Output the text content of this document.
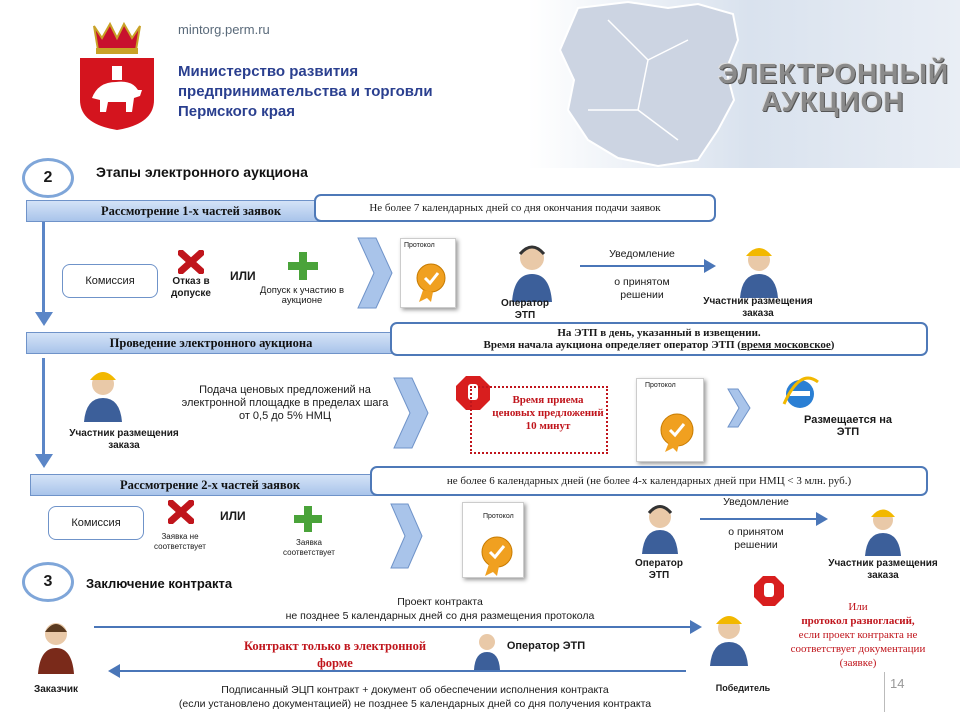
mintorg.perm.ru
Министерство развития предпринимательства и торговли Пермского края
ЭЛЕКТРОННЫЙ
АУКЦИОН
2	Этапы электронного аукциона
Рассмотрение 1-х частей заявок	Не более 7 календарных дней со дня окончания подачи заявок
Комиссия	Отказ в допуске
ИЛИ
Допуск к участию в аукционе
Протокол
Оператор ЭТП
Уведомление
о принятом решении
Участник размещения заказа
Проведение электронного аукциона
На ЭТП в день, указанный в извещении.
Время начала аукциона определяет оператор ЭТП (время московское)
Участник размещения заказа
Подача ценовых предложений на электронной площадке в пределах шага от 0,5 до 5% НМЦ
Время приема ценовых предложений 10 минут
Протокол
Размещается на ЭТП
Рассмотрение 2-х частей заявок	не более 6 календарных дней (не более 4-х календарных дней при НМЦ < 3 млн. руб.)
Комиссия
Заявка не соответствует
ИЛИ
Заявка соответствует
Протокол
Оператор ЭТП
Уведомление
о принятом решении
Участник размещения заказа
3	Заключение контракта
Заказчик
Проект контракта
не позднее 5 календарных дней со дня размещения протокола
Контракт только в электронной форме
Оператор ЭТП
Победитель
Или
протокол разногласий,
если проект контракта не соответствует документации (заявке)
Подписанный ЭЦП контракт + документ об обеспечении исполнения контракта
(если установлено документацией) не позднее 5 календарных дней со дня получения контракта
14
